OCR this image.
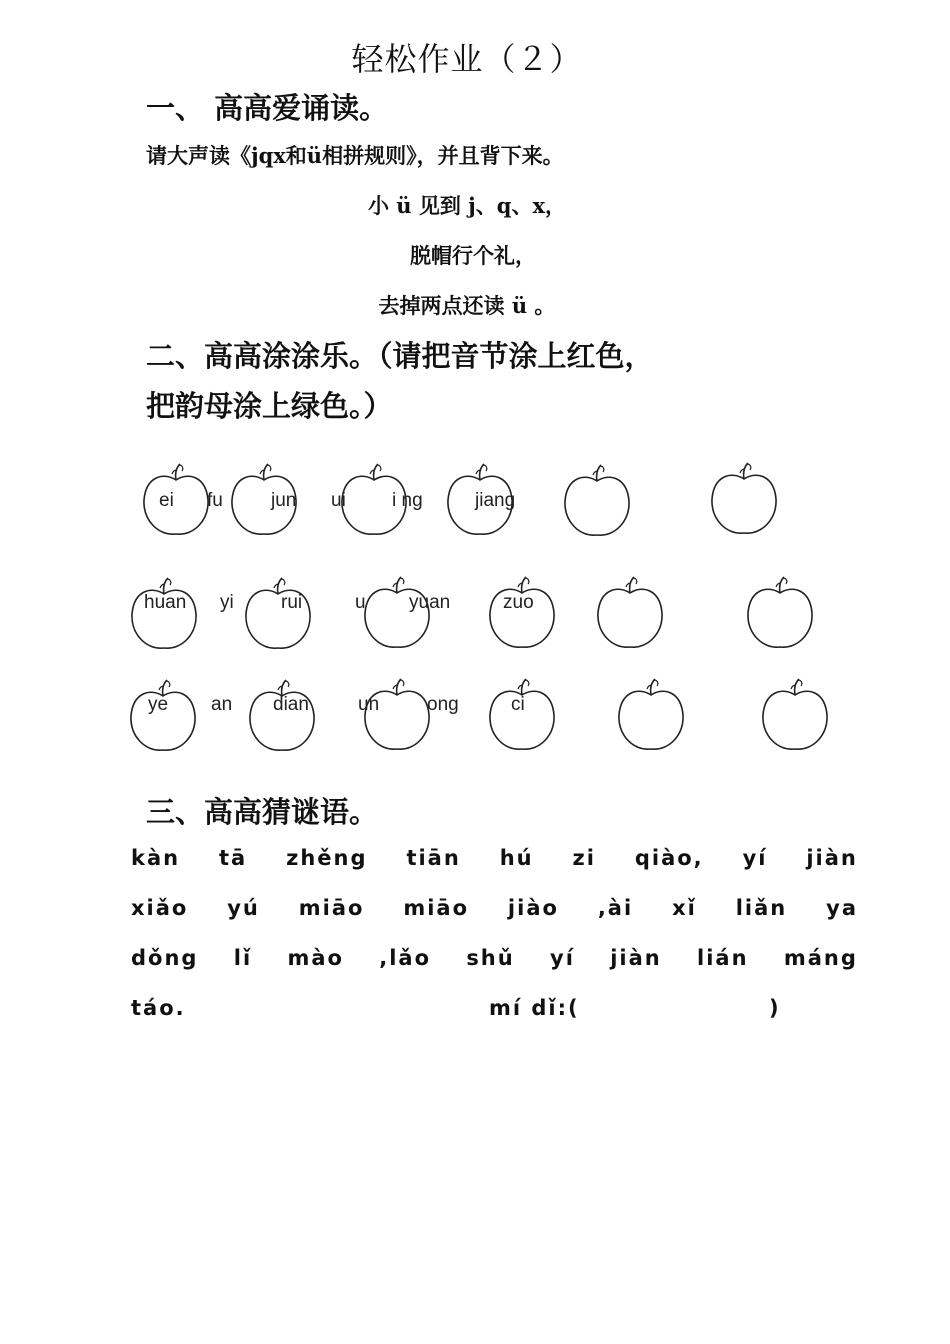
轻松作业（２）
一、 高高爱诵读。
请大声读《jqx和ü相拼规则》，并且背下来。
小 ü 见到 j、q、x，
脱帽行个礼，
去掉两点还读 ü 。
二、高高涂涂乐。（请把音节涂上红色，
把韵母涂上绿色。）
ei fu	jun ui i ng	jiang
huan yi rui	u yuan	zuo
ye an dian	un	ong	ci
三、高高猜谜语。
kàn tā zhěng tiān hú zi qiào, yí jiàn
xiǎo yú miāo miāo jiào ,ài xǐ liǎn ya
dǒng lǐ mào ,lǎo shǔ yí jiàn lián máng
táo.	mí dǐ:(	)
